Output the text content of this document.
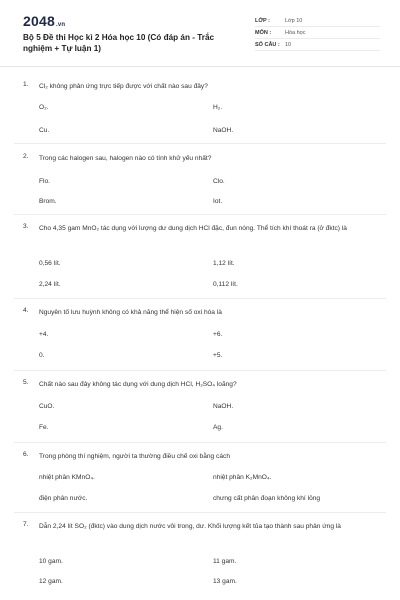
2048.vn
Bộ 5 Đề thi Học kì 2 Hóa học 10 (Có đáp án - Trắc nghiệm + Tự luận 1)
LỚP :	Lớp 10
MÔN :	Hóa học
SỐ CÂU : 10
1. Cl₂ không phản ứng trực tiếp được với chất nào sau đây?
O₂.	H₂.
Cu.	NaOH.
2. Trong các halogen sau, halogen nào có tính khử yếu nhất?
Flo.	Clo.
Brom.	Iot.
3. Cho 4,35 gam MnO₂ tác dụng với lượng dư dung dịch HCl đặc, đun nóng. Thể tích khí thoát ra (ở đktc) là
0,56 lít.	1,12 lít.
2,24 lít.	0,112 lít.
4. Nguyên tố lưu huỳnh không có khả năng thể hiện số oxi hóa là
+4.	+6.
0.	+5.
5. Chất nào sau đây không tác dụng với dung dịch HCl, H₂SO₄ loãng?
CuO.	NaOH.
Fe.	Ag.
6. Trong phòng thí nghiệm, người ta thường điều chế oxi bằng cách
nhiệt phân KMnO₄.	nhiệt phân K₂MnO₄.
điện phân nước.	chưng cất phân đoạn không khí lỏng
7. Dẫn 2,24 lít SO₂ (đktc) vào dung dịch nước vôi trong, dư. Khối lượng kết tủa tạo thành sau phản ứng là
10 gam.	11 gam.
12 gam.	13 gam.
